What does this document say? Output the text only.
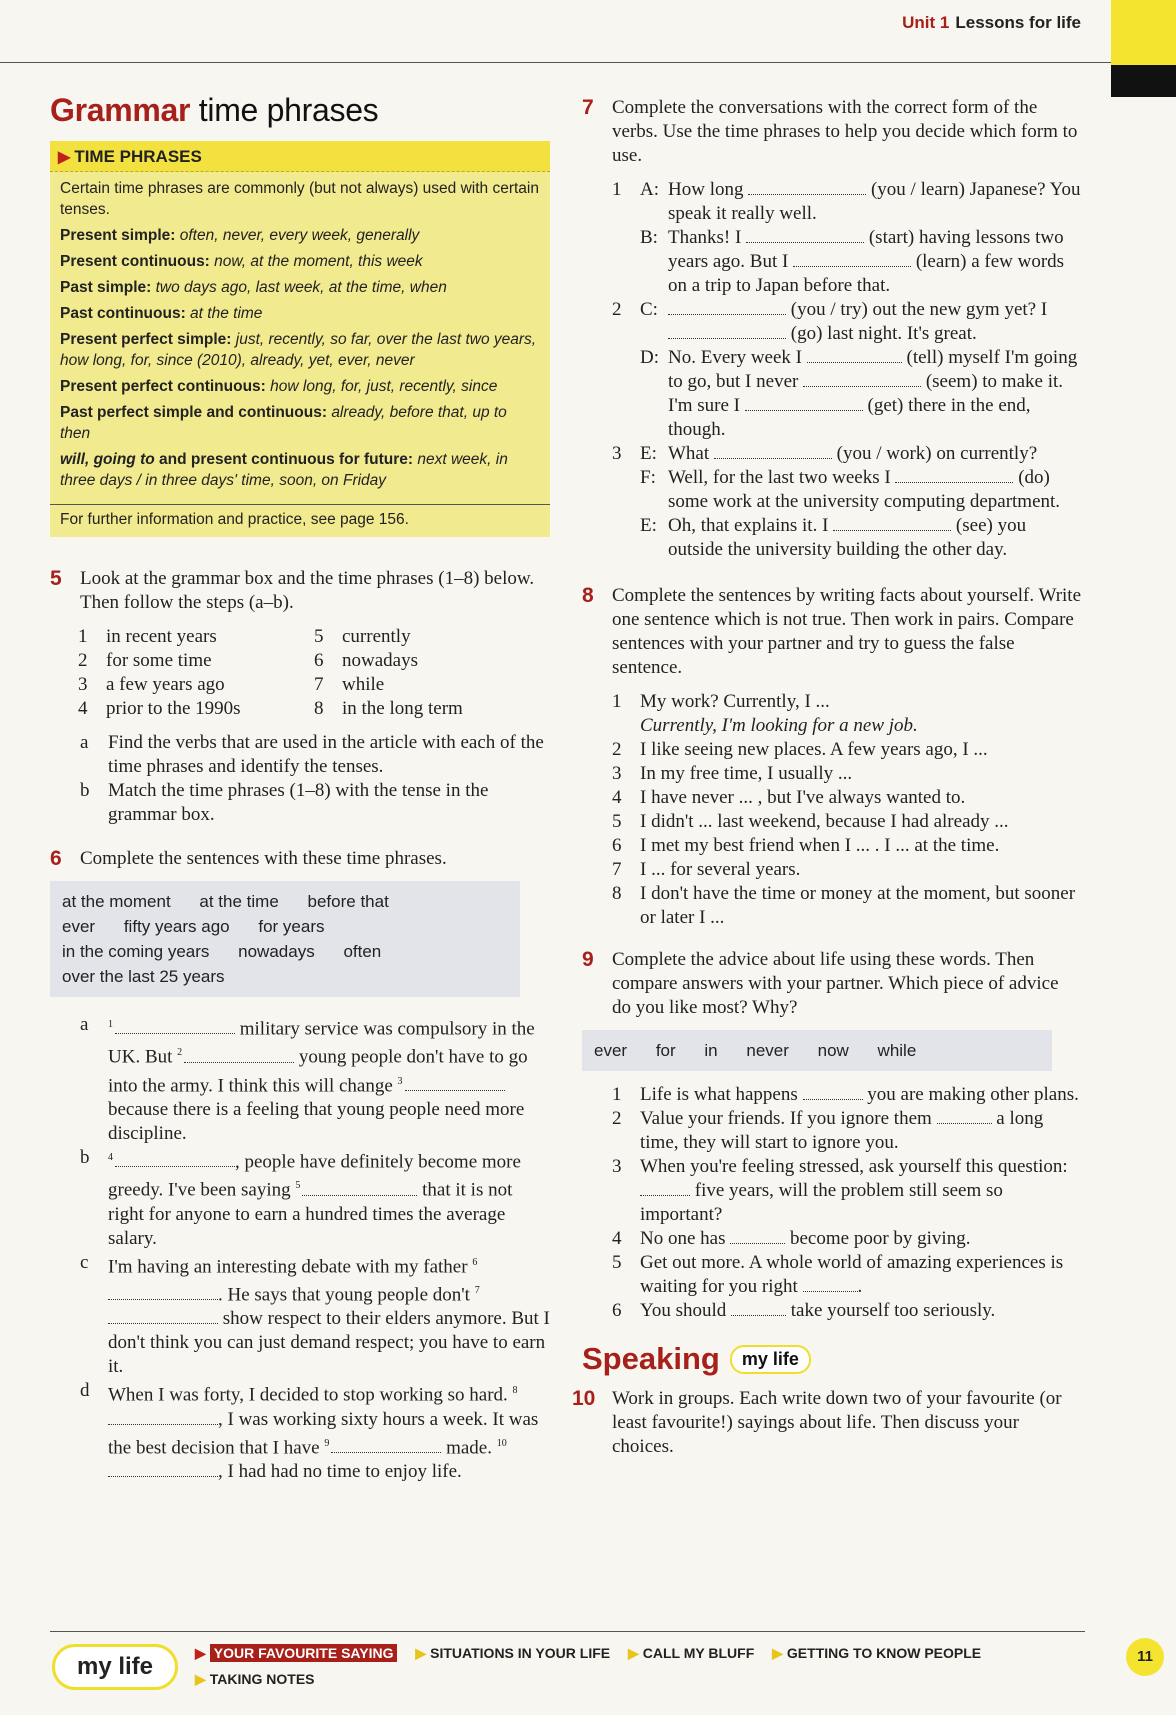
Unit 1 Lessons for life
Grammar time phrases
▶ TIME PHRASES

Certain time phrases are commonly (but not always) used with certain tenses.

Present simple: often, never, every week, generally

Present continuous: now, at the moment, this week

Past simple: two days ago, last week, at the time, when

Past continuous: at the time

Present perfect simple: just, recently, so far, over the last two years, how long, for, since (2010), already, yet, ever, never

Present perfect continuous: how long, for, just, recently, since

Past perfect simple and continuous: already, before that, up to then

will, going to and present continuous for future: next week, in three days / in three days' time, soon, on Friday

For further information and practice, see page 156.
5 Look at the grammar box and the time phrases (1–8) below. Then follow the steps (a–b).
1 in recent years	5 currently
2 for some time	6 nowadays
3 a few years ago	7 while
4 prior to the 1990s	8 in the long term
a	Find the verbs that are used in the article with each of the time phrases and identify the tenses.
b Match the time phrases (1–8) with the tense in the grammar box.
6 Complete the sentences with these time phrases.
at the moment at the time before that
ever fifty years ago for years
in the coming years nowadays often
over the last 25 years
a	$^1$	military service was compulsory in the UK. But $^2$	young people don't have to go into the army. I think this will change $^3$ because there is a feeling that young people need more discipline.
b	$^4$	, people have definitely become more greedy. I've been saying $^5$	that it is not right for anyone to earn a hundred times the average salary.
c	I'm having an interesting debate with my father $^6$. He says that young people don't $^7$ show respect to their elders anymore. But I don't think you can just demand respect; you have to earn it.
d When I was forty, I decided to stop working so hard. $^8$, I was working sixty hours a week. It was the best decision that I have $^9$	made. $^{10}$, I had had no time to enjoy life.
7 Complete the conversations with the correct form of the verbs. Use the time phrases to help you decide which form to use.
1 A: How long	(you / learn) Japanese? You speak it really well.
B: Thanks! I	(start) having lessons two years ago. But I	(learn) a few words on a trip to Japan before that.
2 C:	(you / try) out the new gym yet? I  (go) last night. It's great.
D: No. Every week I	(tell) myself I'm going to go, but I never	(seem) to make it. I'm sure I	(get) there in the end, though.
3 E: What	(you / work) on currently?
F: Well, for the last two weeks I	(do) some work at the university computing department.
E: Oh, that explains it. I	(see) you outside the university building the other day.
8 Complete the sentences by writing facts about yourself. Write one sentence which is not true. Then work in pairs. Compare sentences with your partner and try to guess the false sentence.
1 My work? Currently, I ...
Currently, I'm looking for a new job.
2 I like seeing new places. A few years ago, I ...
3 In my free time, I usually ...
4 I have never ... , but I've always wanted to.
5 I didn't ... last weekend, because I had already ...
6 I met my best friend when I ... . I ... at the time.
7 I ... for several years.
8 I don't have the time or money at the moment, but sooner or later I ...
9 Complete the advice about life using these words. Then compare answers with your partner. Which piece of advice do you like most? Why?
ever for in never now while
1 Life is what happens	you are making other plans.
2 Value your friends. If you ignore them	a long time, they will start to ignore you.
3 When you're feeling stressed, ask yourself this question:  five years, will the problem still seem so important?
4 No one has	become poor by giving.
5 Get out more. A whole world of amazing experiences is waiting for you right	.
6 You should	take yourself too seriously.
Speaking	my life
10 Work in groups. Each write down two of your favourite (or least favourite!) sayings about life. Then discuss your choices.
my life	▶ YOUR FAVOURITE SAYING ▶ SITUATIONS IN YOUR LIFE ▶ CALL MY BLUFF ▶ GETTING TO KNOW PEOPLE
▶ TAKING NOTES
11
